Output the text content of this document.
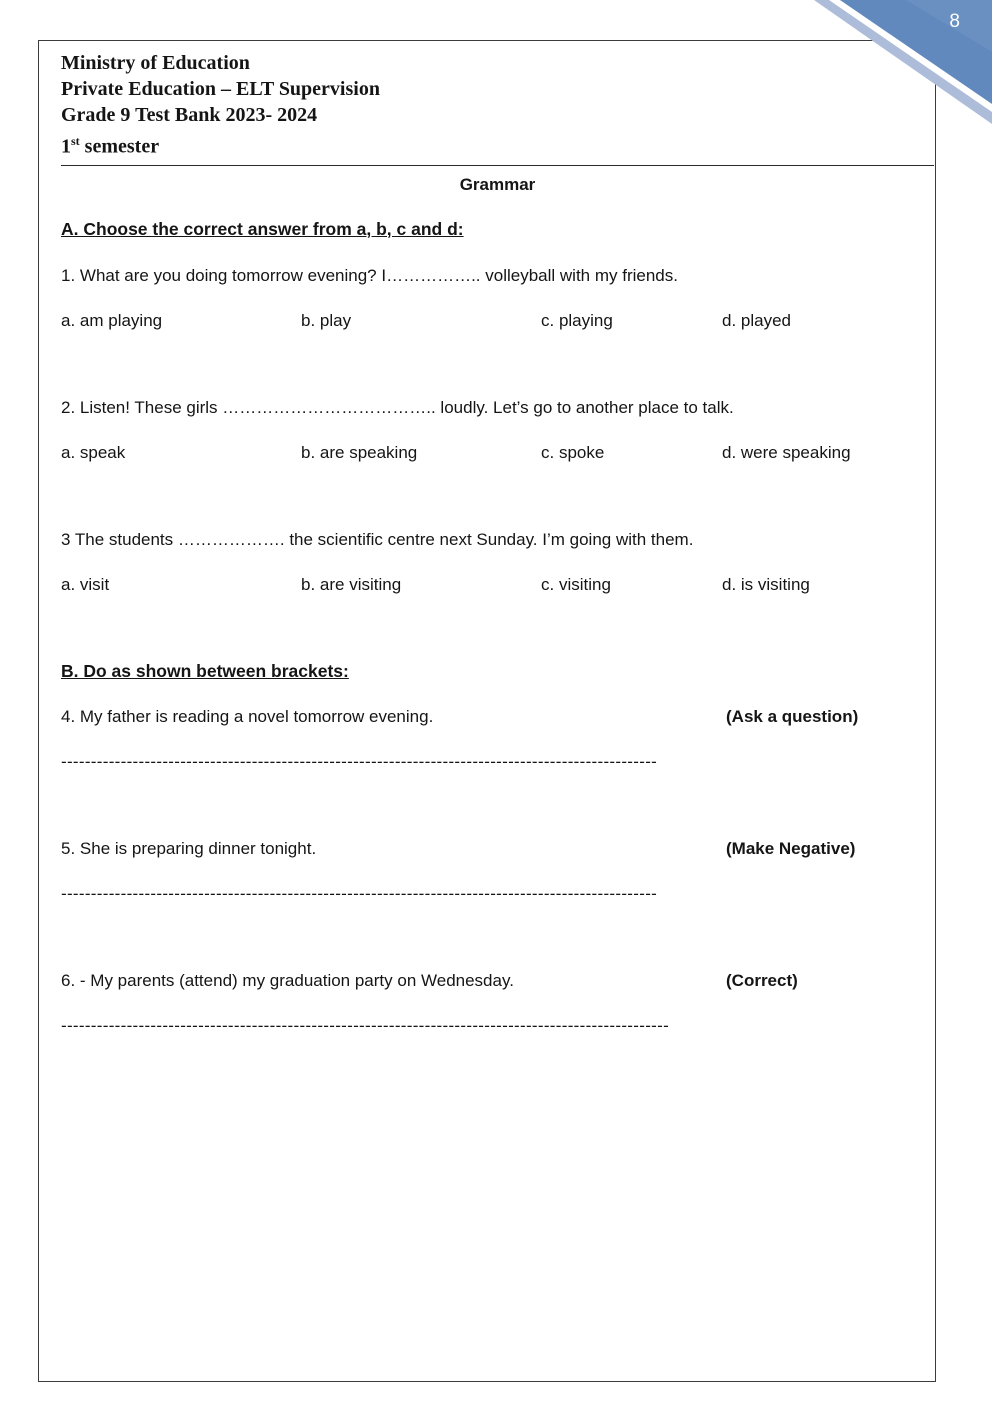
8
Ministry of Education
Private Education – ELT Supervision
Grade 9 Test Bank 2023- 2024
1st semester
Grammar
A. Choose the correct answer from a, b, c and d:

1. What are you doing tomorrow evening? I…………….. volleyball with my friends.

a. am playing	b. play	c. playing	d. played

2. Listen! These girls ……………………………….. loudly. Let’s go to another place to talk.

a. speak	b. are speaking	c. spoke	d. were speaking

3 The students ………………. the scientific centre next Sunday. I’m going with them.

a. visit	b. are visiting	c. visiting	d. is visiting
B. Do as shown between brackets:
4. My father is reading a novel tomorrow evening.	(Ask a question)

----------------------------------------------------------------------------------------------------

5. She is preparing dinner tonight.	(Make Negative)

----------------------------------------------------------------------------------------------------

6. - My parents (attend) my graduation party on Wednesday.	(Correct)

------------------------------------------------------------------------------------------------------
